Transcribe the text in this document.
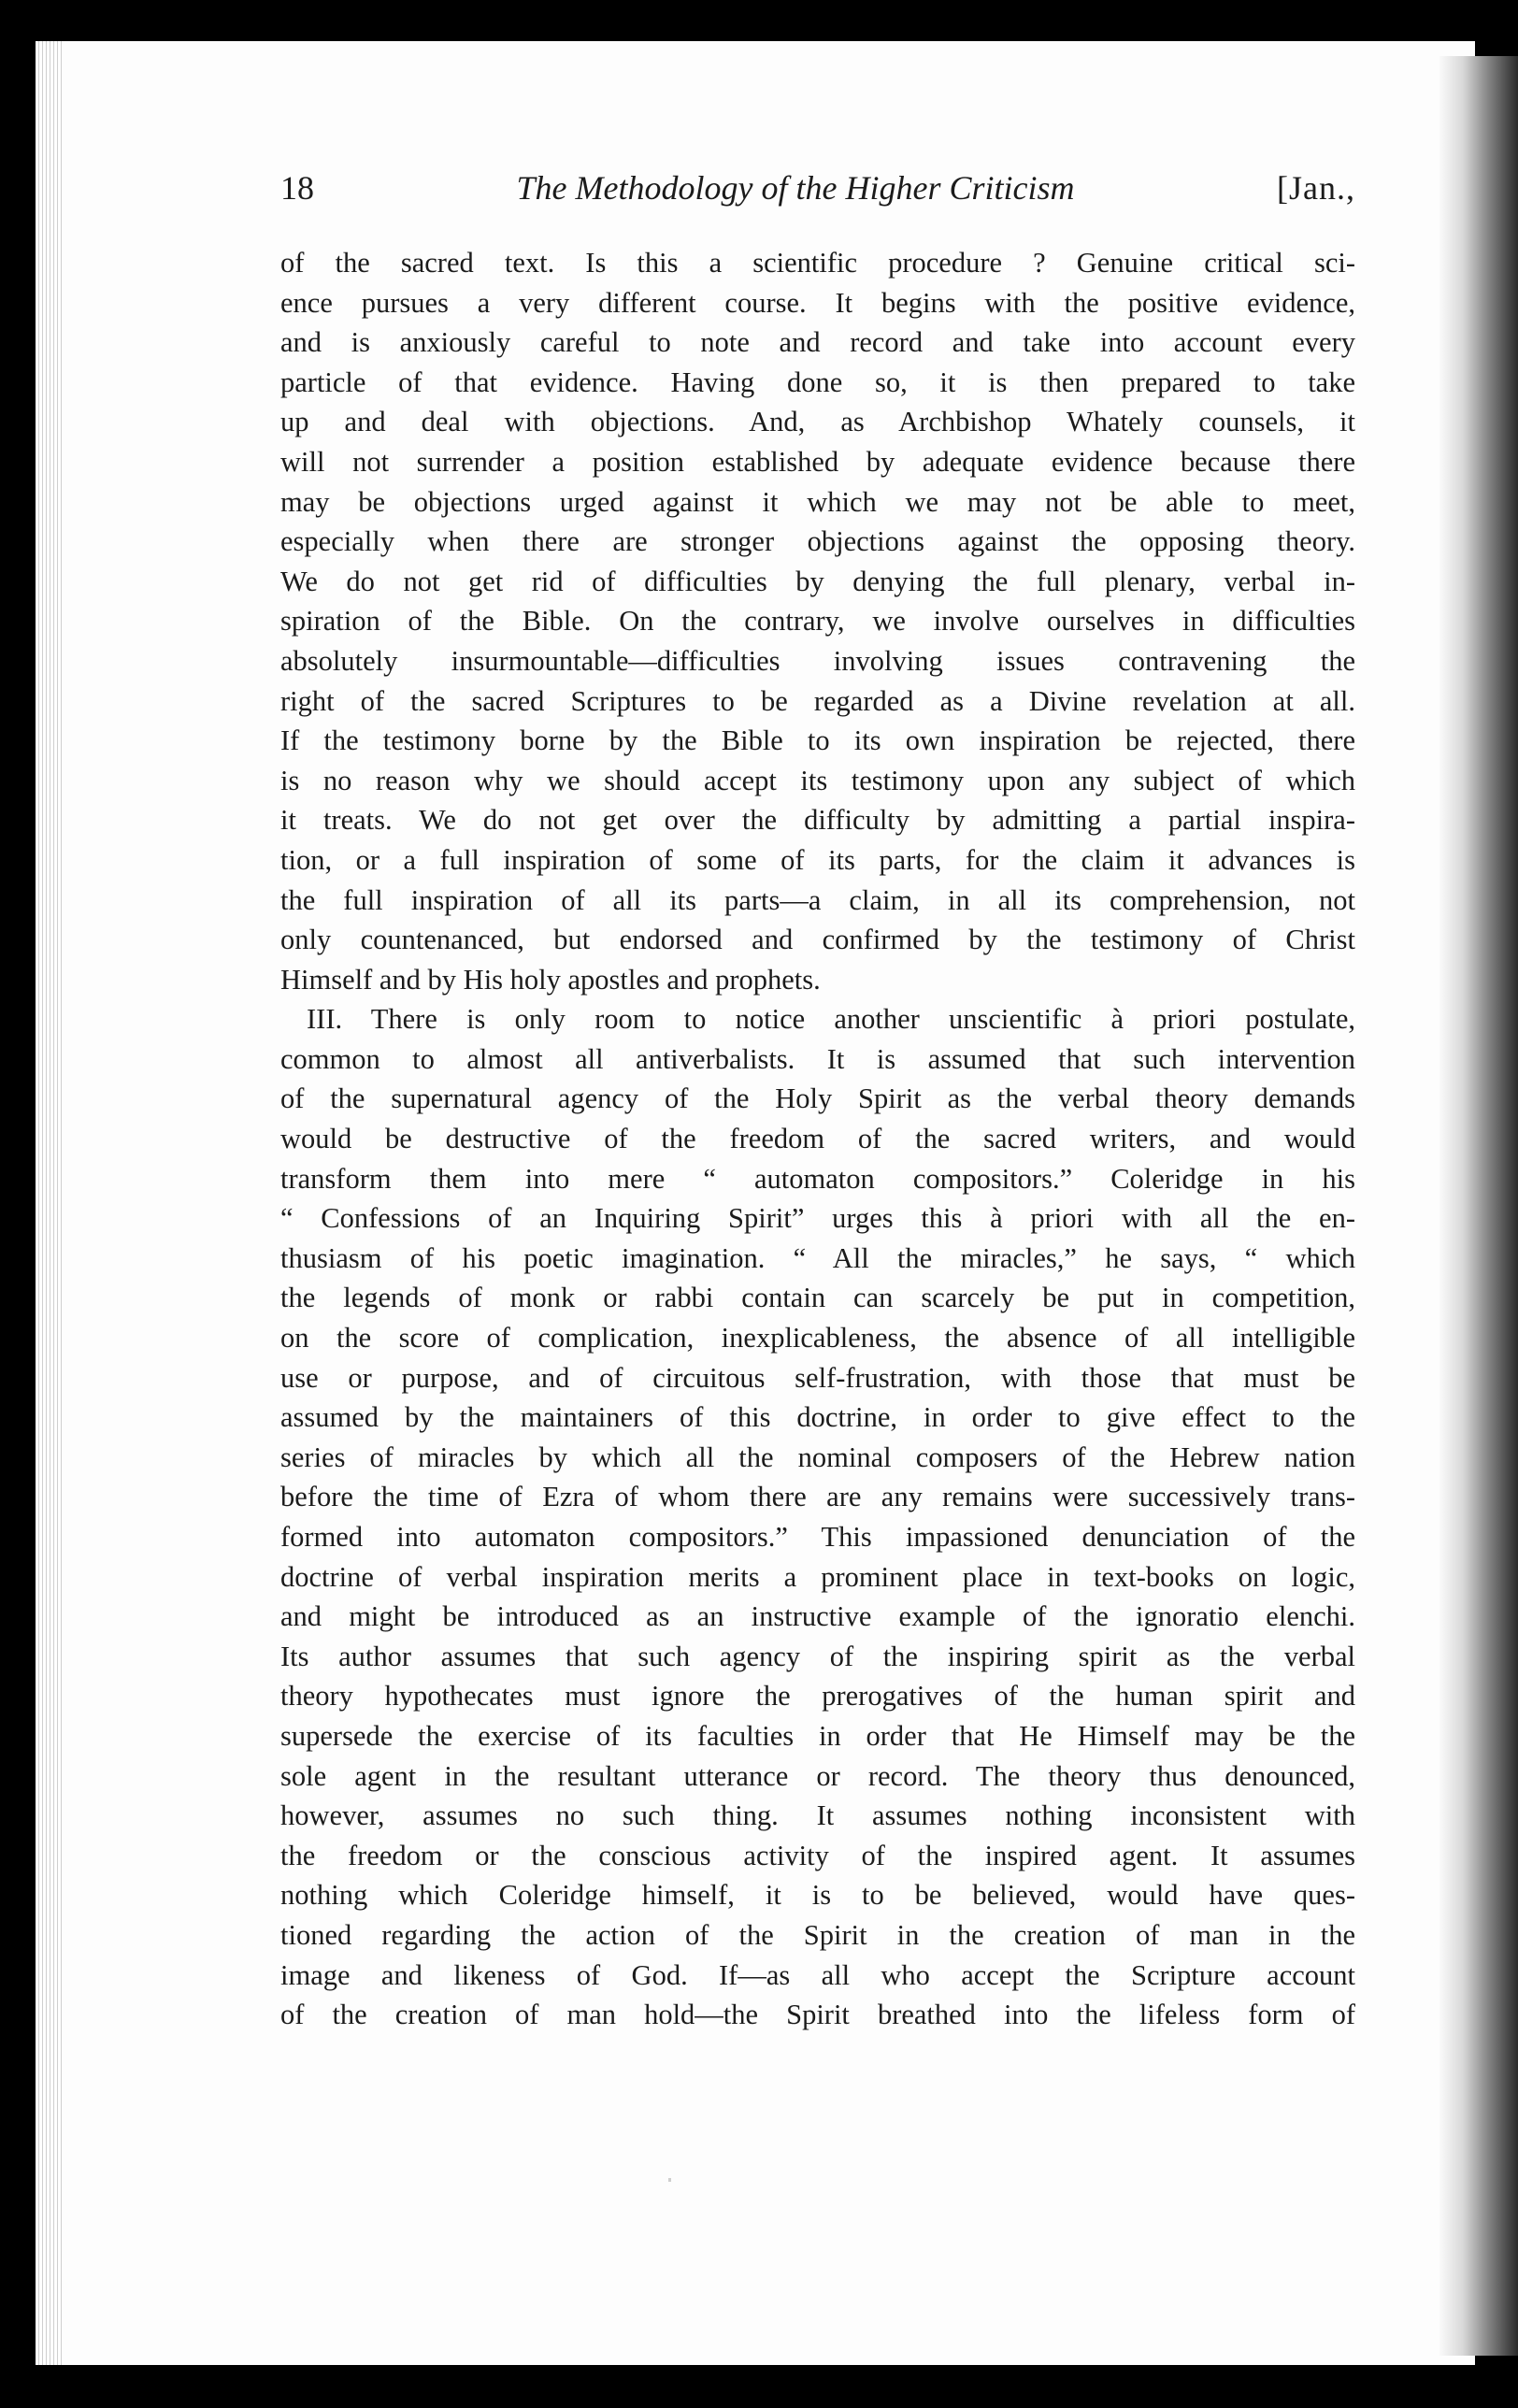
18	The Methodology of the Higher Criticism	[Jan.,
of the sacred text. Is this a scientific procedure ? Genuine critical sci-
ence pursues a very different course. It begins with the positive evidence,
and is anxiously careful to note and record and take into account every
particle of that evidence. Having done so, it is then prepared to take
up and deal with objections. And, as Archbishop Whately counsels, it
will not surrender a position established by adequate evidence because there
may be objections urged against it which we may not be able to meet,
especially when there are stronger objections against the opposing theory.
We do not get rid of difficulties by denying the full plenary, verbal in-
spiration of the Bible. On the contrary, we involve ourselves in difficulties
absolutely insurmountable—difficulties involving issues contravening the
right of the sacred Scriptures to be regarded as a Divine revelation at all.
If the testimony borne by the Bible to its own inspiration be rejected, there
is no reason why we should accept its testimony upon any subject of which
it treats. We do not get over the difficulty by admitting a partial inspira-
tion, or a full inspiration of some of its parts, for the claim it advances is
the full inspiration of all its parts—a claim, in all its comprehension, not
only countenanced, but endorsed and confirmed by the testimony of Christ
Himself and by His holy apostles and prophets.
III. There is only room to notice another unscientific à priori postulate,
common to almost all antiverbalists. It is assumed that such intervention
of the supernatural agency of the Holy Spirit as the verbal theory demands
would be destructive of the freedom of the sacred writers, and would
transform them into mere “ automaton compositors.” Coleridge in his
“ Confessions of an Inquiring Spirit” urges this à priori with all the en-
thusiasm of his poetic imagination. “ All the miracles,” he says, “ which
the legends of monk or rabbi contain can scarcely be put in competition,
on the score of complication, inexplicableness, the absence of all intelligible
use or purpose, and of circuitous self-frustration, with those that must be
assumed by the maintainers of this doctrine, in order to give effect to the
series of miracles by which all the nominal composers of the Hebrew nation
before the time of Ezra of whom there are any remains were successively trans-
formed into automaton compositors.” This impassioned denunciation of the
doctrine of verbal inspiration merits a prominent place in text-books on logic,
and might be introduced as an instructive example of the ignoratio elenchi.
Its author assumes that such agency of the inspiring spirit as the verbal
theory hypothecates must ignore the prerogatives of the human spirit and
supersede the exercise of its faculties in order that He Himself may be the
sole agent in the resultant utterance or record. The theory thus denounced,
however, assumes no such thing. It assumes nothing inconsistent with
the freedom or the conscious activity of the inspired agent. It assumes
nothing which Coleridge himself, it is to be believed, would have ques-
tioned regarding the action of the Spirit in the creation of man in the
image and likeness of God. If—as all who accept the Scripture account
of the creation of man hold—the Spirit breathed into the lifeless form of
